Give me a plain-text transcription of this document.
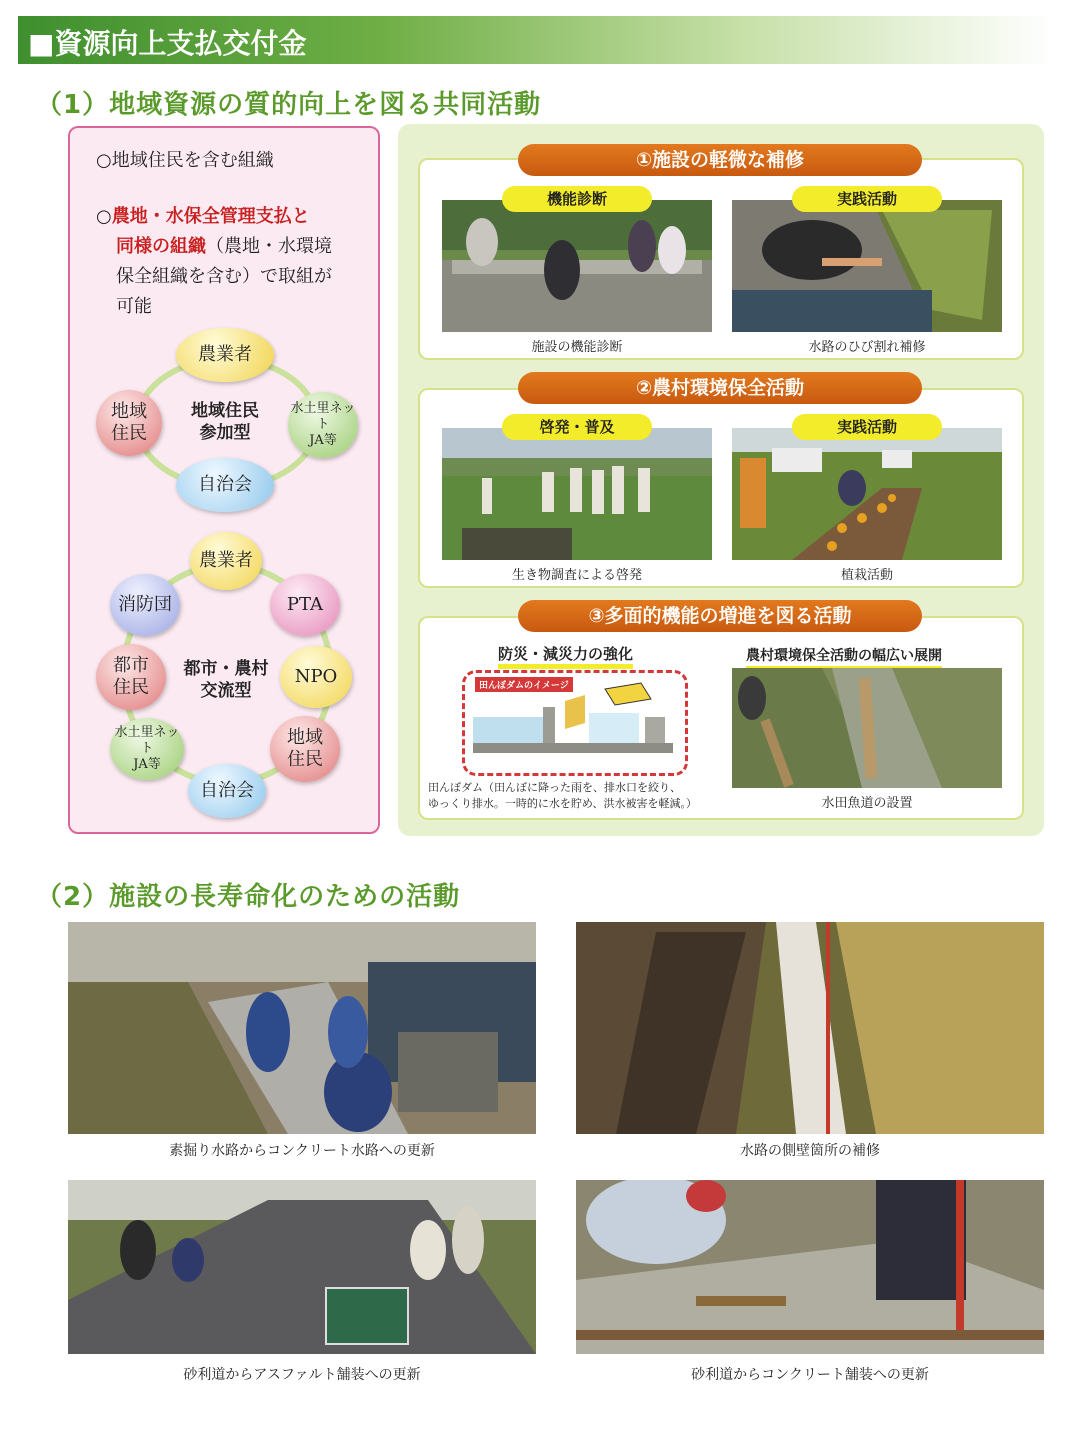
■資源向上支払交付金
（1）地域資源の質的向上を図る共同活動
○地域住民を含む組織
○農地・水保全管理支払と
同様の組織（農地・水環境
保全組織を含む）で取組が
可能
地域住民
参加型
農業者
地域
住民
水土里ネット
JA等
自治会
都市・農村
交流型
農業者
消防団	PTA
都市
住民
NPO
水土里ネット
JA等
地域
住民
自治会
①施設の軽微な補修
機能診断	実践活動
施設の機能診断	水路のひび割れ補修
②農村環境保全活動
啓発・普及	実践活動
生き物調査による啓発	植栽活動
③多面的機能の増進を図る活動
防災・減災力の強化	農村環境保全活動の幅広い展開
田んぼダムのイメージ
田んぼダム（田んぼに降った雨を、排水口を絞り、
ゆっくり排水。一時的に水を貯め、洪水被害を軽減。）	水田魚道の設置
（2）施設の長寿命化のための活動
素掘り水路からコンクリート水路への更新	水路の側壁箇所の補修
砂利道からアスファルト舗装への更新	砂利道からコンクリート舗装への更新
